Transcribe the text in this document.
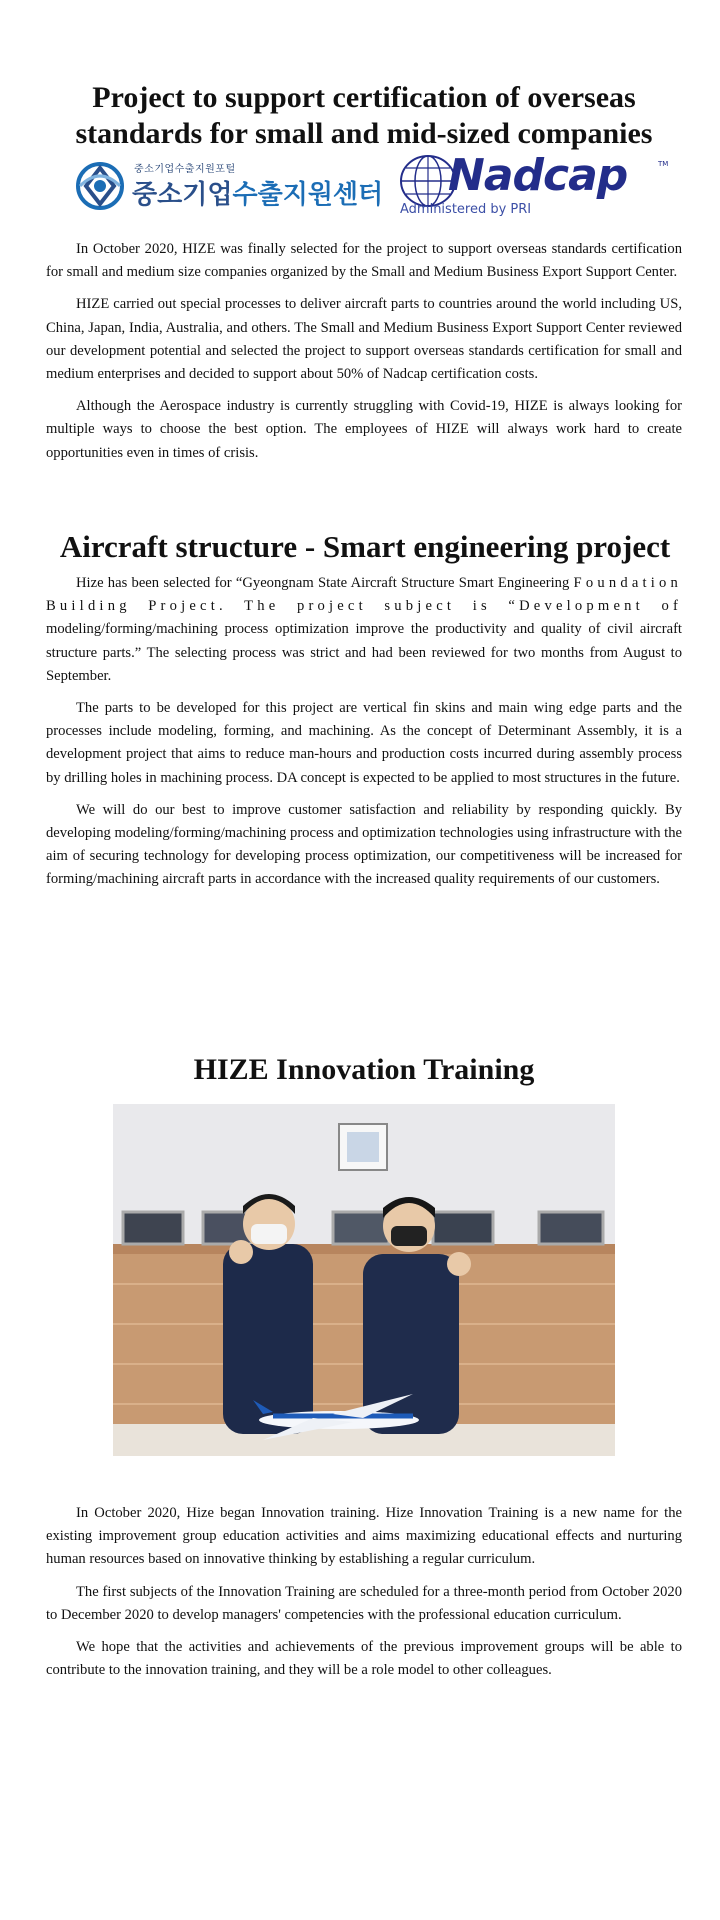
Project to support certification of overseas standards for small and mid-sized companies
중소기업수출지원포털
중소기업수출지원센터 Nadcap	TM
Administered by PRI

In October 2020, HIZE was finally selected for the project to support overseas standards certification for small and medium size companies organized by the Small and Medium Business Export Support Center.

HIZE carried out special processes to deliver aircraft parts to countries around the world including US, China, Japan, India, Australia, and others. The Small and Medium Business Export Support Center reviewed our development potential and selected the project to support overseas standards certification for small and medium enterprises and decided to support about 50% of Nadcap certification costs.

Although the Aerospace industry is currently struggling with Covid-19, HIZE is always looking for multiple ways to choose the best option. The employees of HIZE will always work hard to create opportunities even in times of crisis.

Aircraft structure - Smart engineering project

Hize has been selected for “Gyeongnam State Aircraft Structure Smart Engineering Foundation Building Project. The project subject is “Development of modeling/forming/machining process optimization improve the productivity and quality of civil aircraft structure parts.” The selecting process was strict and had been reviewed for two months from August to September.

The parts to be developed for this project are vertical fin skins and main wing edge parts and the processes include modeling, forming, and machining. As the concept of Determinant Assembly, it is a development project that aims to reduce man-hours and production costs incurred during assembly process by drilling holes in machining process. DA concept is expected to be applied to most structures in the future.

We will do our best to improve customer satisfaction and reliability by responding quickly. By developing modeling/forming/machining process and optimization technologies using infrastructure with the aim of securing technology for developing process optimization, our competitiveness will be increased for forming/machining aircraft parts in accordance with the increased quality requirements of our customers.

HIZE Innovation Training

In October 2020, Hize began Innovation training. Hize Innovation Training is a new name for the existing improvement group education activities and aims maximizing educational effects and nurturing human resources based on innovative thinking by establishing a regular curriculum.

The first subjects of the Innovation Training are scheduled for a three-month period from October 2020 to December 2020 to develop managers' competencies with the professional education curriculum.

We hope that the activities and achievements of the previous improvement groups will be able to contribute to the innovation training, and they will be a role model to other colleagues.
